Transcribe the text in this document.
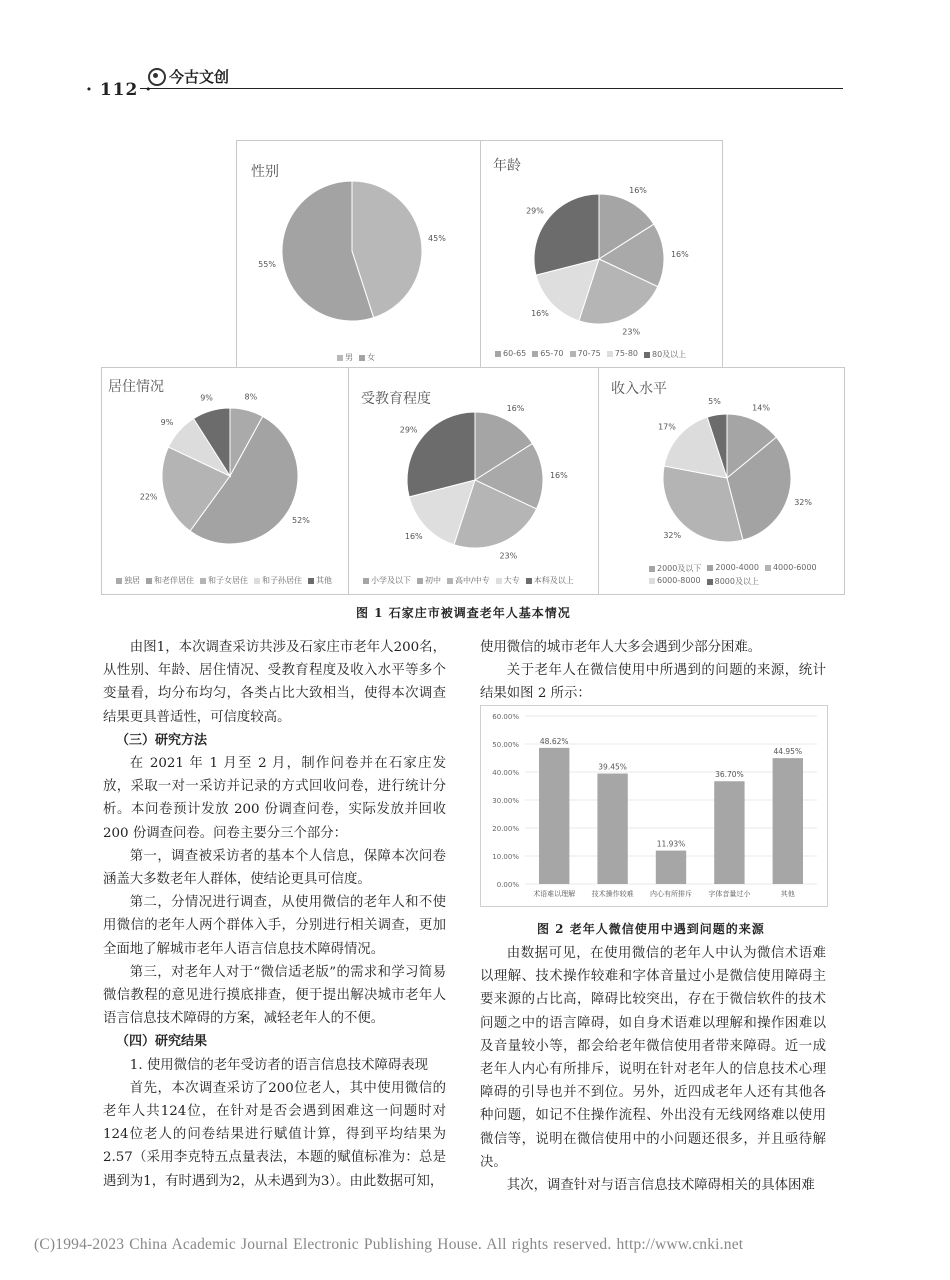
· 112 ·
今古文创
性别
45%
55%
男	女
年龄
16%
16%
23%
16%
29%
60-65	65-70	70-75	75-80	80及以上
居住情况
8%
52%
22%
9%
9%
独居	和老伴居住	和子女居住	和子孙居住	其他
受教育程度
16%
16%
23%
16%
29%
小学及以下	初中	高中/中专	大专	本科及以上
收入水平
14%
32%
32%
17%
5%
2000及以下	2000-4000	4000-6000
6000-8000	8000及以上
图 1 石家庄市被调查老年人基本情况

由图1，本次调查采访共涉及石家庄市老年人200名，从性别、年龄、居住情况、受教育程度及收入水平等多个变量看，均分布均匀，各类占比大致相当，使得本次调查结果更具普适性，可信度较高。

（三）研究方法

在 2021 年 1 月至 2 月，制作问卷并在石家庄发放，采取一对一采访并记录的方式回收问卷，进行统计分析。本问卷预计发放 200 份调查问卷，实际发放并回收 200 份调查问卷。问卷主要分三个部分：

第一，调查被采访者的基本个人信息，保障本次问卷涵盖大多数老年人群体，使结论更具可信度。

第二，分情况进行调查，从使用微信的老年人和不使用微信的老年人两个群体入手，分别进行相关调查，更加全面地了解城市老年人语言信息技术障碍情况。

第三，对老年人对于“微信适老版”的需求和学习简易微信教程的意见进行摸底排查，便于提出解决城市老年人语言信息技术障碍的方案，减轻老年人的不便。

（四）研究结果

1. 使用微信的老年受访者的语言信息技术障碍表现

首先，本次调查采访了200位老人，其中使用微信的老年人共124位，在针对是否会遇到困难这一问题时对124位老人的问卷结果进行赋值计算，得到平均结果为2.57（采用李克特五点量表法，本题的赋值标准为：总是遇到为1，有时遇到为2，从未遇到为3）。由此数据可知，

使用微信的城市老年人大多会遇到少部分困难。

关于老年人在微信使用中所遇到的问题的来源，统计结果如图 2 所示：

0.00%
10.00%
20.00%
30.00%
40.00%
50.00%
60.00%
48.62%
术语难以理解
39.45%
技术操作较难
11.93%
内心有所排斥
36.70%
字体音量过小
44.95%
其他
图 2 老年人微信使用中遇到问题的来源

由数据可见，在使用微信的老年人中认为微信术语难以理解、技术操作较难和字体音量过小是微信使用障碍主要来源的占比高，障碍比较突出，存在于微信软件的技术问题之中的语言障碍，如自身术语难以理解和操作困难以及音量较小等，都会给老年微信使用者带来障碍。近一成老年人内心有所排斥，说明在针对老年人的信息技术心理障碍的引导也并不到位。另外，近四成老年人还有其他各种问题，如记不住操作流程、外出没有无线网络难以使用微信等，说明在微信使用中的小问题还很多，并且亟待解决。

其次，调查针对与语言信息技术障碍相关的具体困难

(C)1994-2023 China Academic Journal Electronic Publishing House. All rights reserved. http://www.cnki.net
